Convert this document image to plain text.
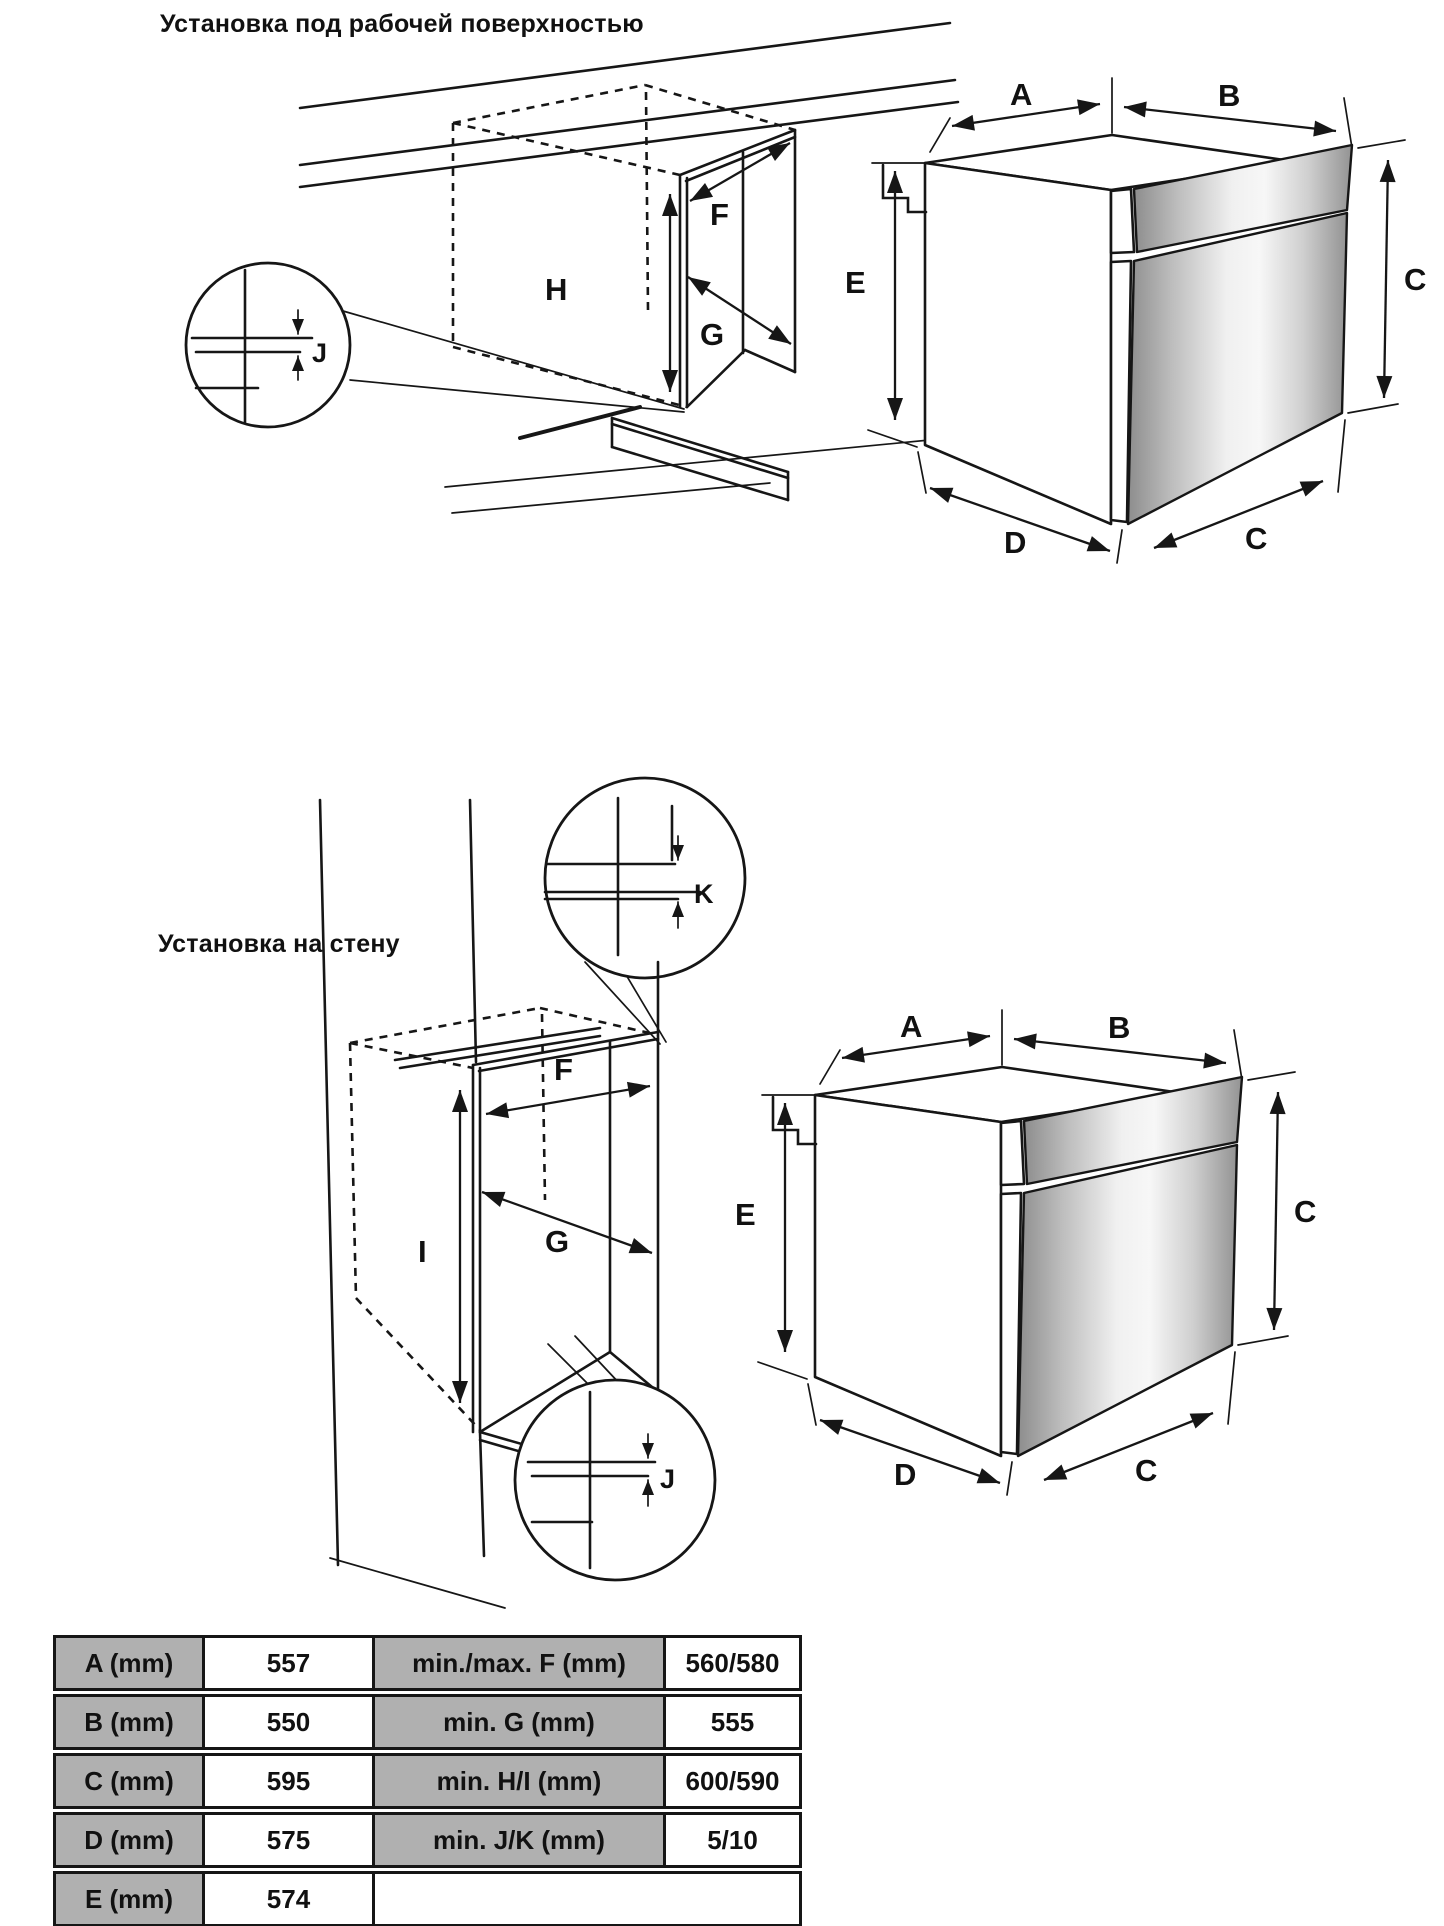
Установка под рабочей поверхностью
Установка на стену
H
F
G
J
E
A	B
C
D	C
K
I
F
G
J
E
A	B
C
D	C
A (mm)	557	min./max. F (mm)	560/580
B (mm)	550	min. G (mm)	555
C (mm)	595	min. H/I (mm)	600/590
D (mm)	575	min. J/K (mm)	5/10
E (mm)	574		
